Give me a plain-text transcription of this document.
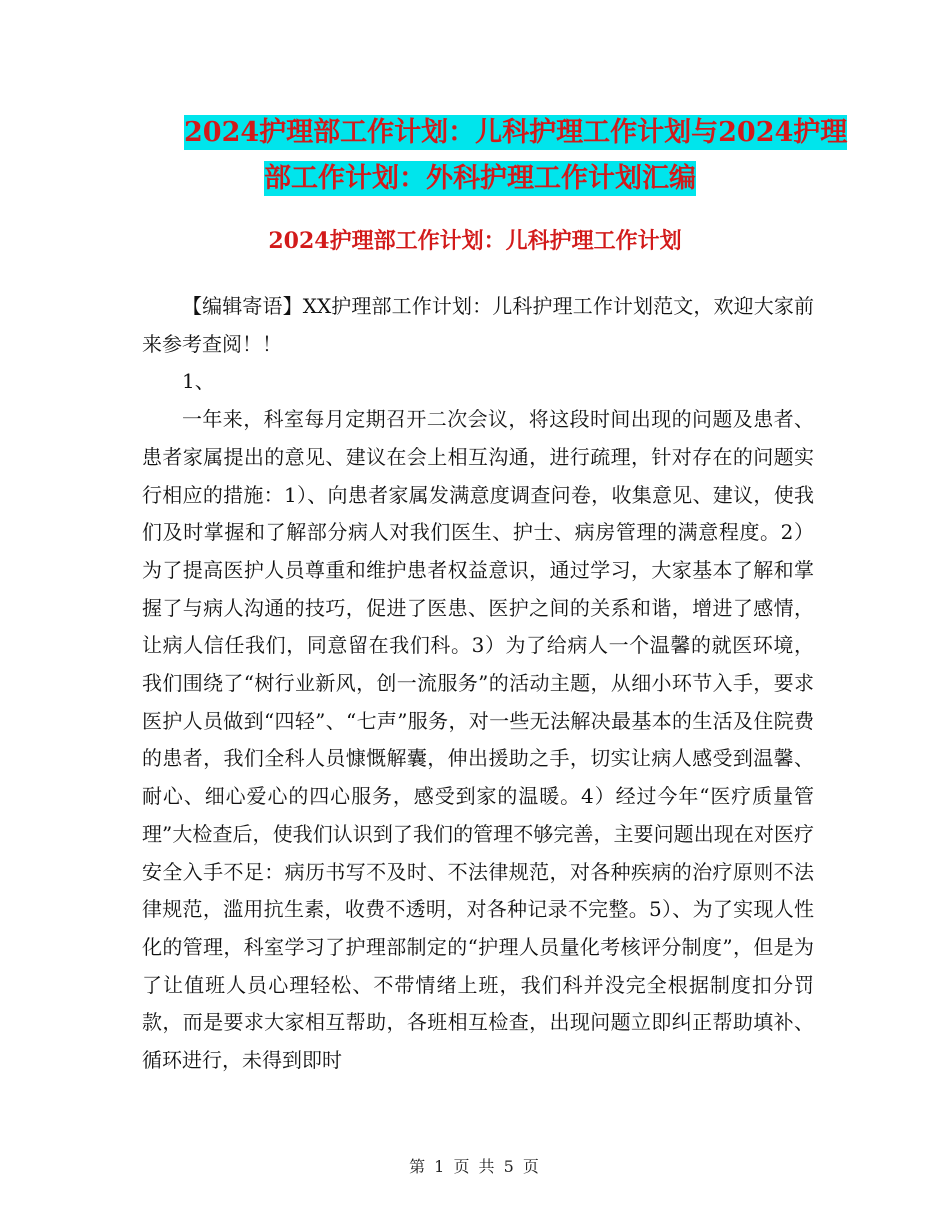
2024护理部工作计划：儿科护理工作计划与2024护理
部工作计划：外科护理工作计划汇编
2024护理部工作计划：儿科护理工作计划

【编辑寄语】XX护理部工作计划：儿科护理工作计划范文，欢迎大家前来参考查阅！！

1、

一年来，科室每月定期召开二次会议，将这段时间出现的问题及患者、患者家属提出的意见、建议在会上相互沟通，进行疏理，针对存在的问题实行相应的措施：1）、向患者家属发满意度调查问卷，收集意见、建议，使我们及时掌握和了解部分病人对我们医生、护士、病房管理的满意程度。2）为了提高医护人员尊重和维护患者权益意识，通过学习，大家基本了解和掌握了与病人沟通的技巧，促进了医患、医护之间的关系和谐，增进了感情，让病人信任我们，同意留在我们科。3）为了给病人一个温馨的就医环境，我们围绕了“树行业新风，创一流服务”的活动主题，从细小环节入手，要求医护人员做到“四轻”、“七声”服务，对一些无法解决最基本的生活及住院费的患者，我们全科人员慷慨解囊，伸出援助之手，切实让病人感受到温馨、耐心、细心爱心的四心服务，感受到家的温暖。4）经过今年“医疗质量管理”大检查后，使我们认识到了我们的管理不够完善，主要问题出现在对医疗安全入手不足：病历书写不及时、不法律规范，对各种疾病的治疗原则不法律规范，滥用抗生素，收费不透明，对各种记录不完整。5）、为了实现人性化的管理，科室学习了护理部制定的“护理人员量化考核评分制度”，但是为了让值班人员心理轻松、不带情绪上班，我们科并没完全根据制度扣分罚款，而是要求大家相互帮助，各班相互检查，出现问题立即纠正帮助填补、循环进行，未得到即时

第 1 页 共 5 页
